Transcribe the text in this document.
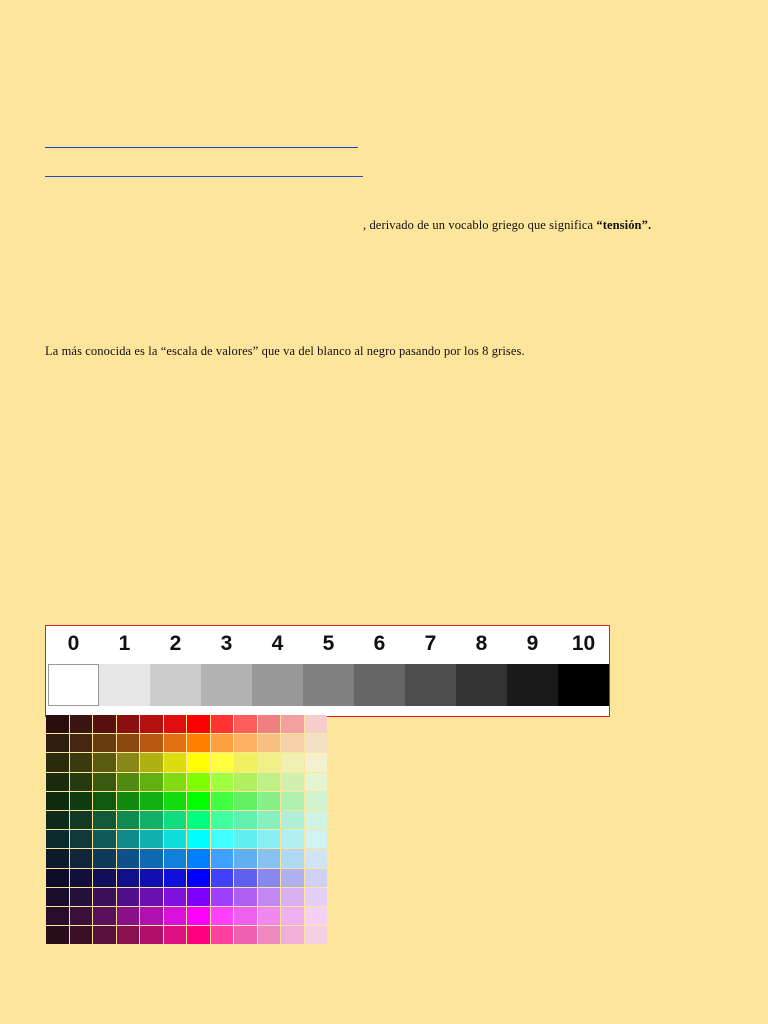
, derivado de un vocablo griego que significa “tensión”.
La más conocida es la “escala de valores” que va del blanco al negro pasando por los 8 grises.
0	1	2	3	4	5	6	7	8	9	10
